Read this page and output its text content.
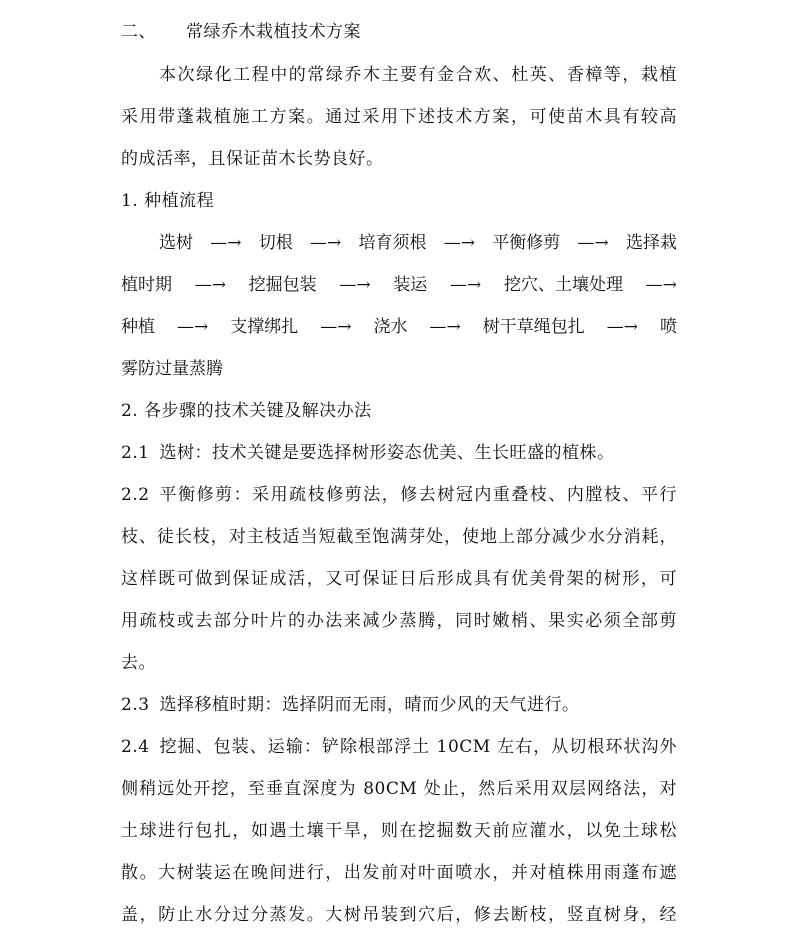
二、 常绿乔木栽植技术方案
本次绿化工程中的常绿乔木主要有金合欢、杜英、香樟等，栽植
采用带蓬栽植施工方案。通过采用下述技术方案，可使苗木具有较高
的成活率，且保证苗木长势良好。
1. 种植流程
选树 —→ 切根 —→ 培育须根 —→ 平衡修剪 —→ 选择栽
植时期 —→ 挖掘包装 —→ 装运 —→ 挖穴、土壤处理 —→
种植 —→ 支撑绑扎 —→ 浇水 —→ 树干草绳包扎 —→ 喷
雾防过量蒸腾
2. 各步骤的技术关键及解决办法
2.1 选树：技术关键是要选择树形姿态优美、生长旺盛的植株。
2.2 平衡修剪：采用疏枝修剪法，修去树冠内重叠枝、内膛枝、平行
枝、徒长枝，对主枝适当短截至饱满芽处，使地上部分减少水分消耗，
这样既可做到保证成活，又可保证日后形成具有优美骨架的树形，可
用疏枝或去部分叶片的办法来减少蒸腾，同时嫩梢、果实必须全部剪
去。
2.3 选择移植时期：选择阴而无雨，晴而少风的天气进行。
2.4 挖掘、包装、运输：铲除根部浮土 10CM 左右，从切根环状沟外
侧稍远处开挖，至垂直深度为 80CM 处止，然后采用双层网络法，对
土球进行包扎，如遇土壤干旱，则在挖掘数天前应灌水，以免土球松
散。大树装运在晚间进行，出发前对叶面喷水，并对植株用雨蓬布遮
盖，防止水分过分蒸发。大树吊装到穴后，修去断枝，竖直树身，经
